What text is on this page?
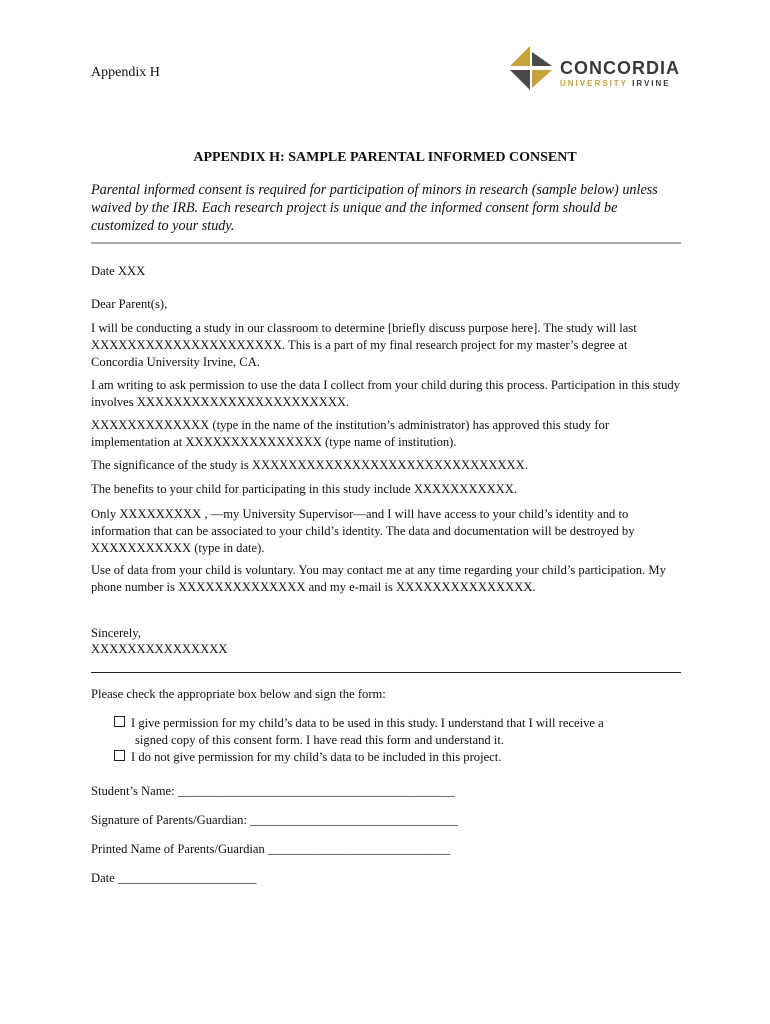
Appendix H	CONCORDIA
UNIVERSITY IRVINE
APPENDIX H: SAMPLE PARENTAL INFORMED CONSENT
Parental informed consent is required for participation of minors in research (sample below) unless waived by the IRB. Each research project is unique and the informed consent form should be customized to your study.
Date XXX
Dear Parent(s),
I will be conducting a study in our classroom to determine [briefly discuss purpose here]. The study will last XXXXXXXXXXXXXXXXXXXXX. This is a part of my final research project for my master’s degree at Concordia University Irvine, CA.
I am writing to ask permission to use the data I collect from your child during this process. Participation in this study involves XXXXXXXXXXXXXXXXXXXXXXX.
XXXXXXXXXXXXX (type in the name of the institution’s administrator) has approved this study for implementation at XXXXXXXXXXXXXXX (type name of institution).
The significance of the study is XXXXXXXXXXXXXXXXXXXXXXXXXXXXXX.
The benefits to your child for participating in this study include XXXXXXXXXXX.
Only XXXXXXXXX , —my University Supervisor—and I will have access to your child’s identity and to information that can be associated to your child’s identity. The data and documentation will be destroyed by XXXXXXXXXXX (type in date).
Use of data from your child is voluntary. You may contact me at any time regarding your child’s participation. My phone number is XXXXXXXXXXXXXX and my e-mail is XXXXXXXXXXXXXXX.
Sincerely,
XXXXXXXXXXXXXXX
Please check the appropriate box below and sign the form:
I give permission for my child’s data to be used in this study. I understand that I will receive a
signed copy of this consent form. I have read this form and understand it.
I do not give permission for my child’s data to be included in this project.
Student’s Name: ____________________________________________
Signature of Parents/Guardian: _________________________________
Printed Name of Parents/Guardian _____________________________
Date ______________________
